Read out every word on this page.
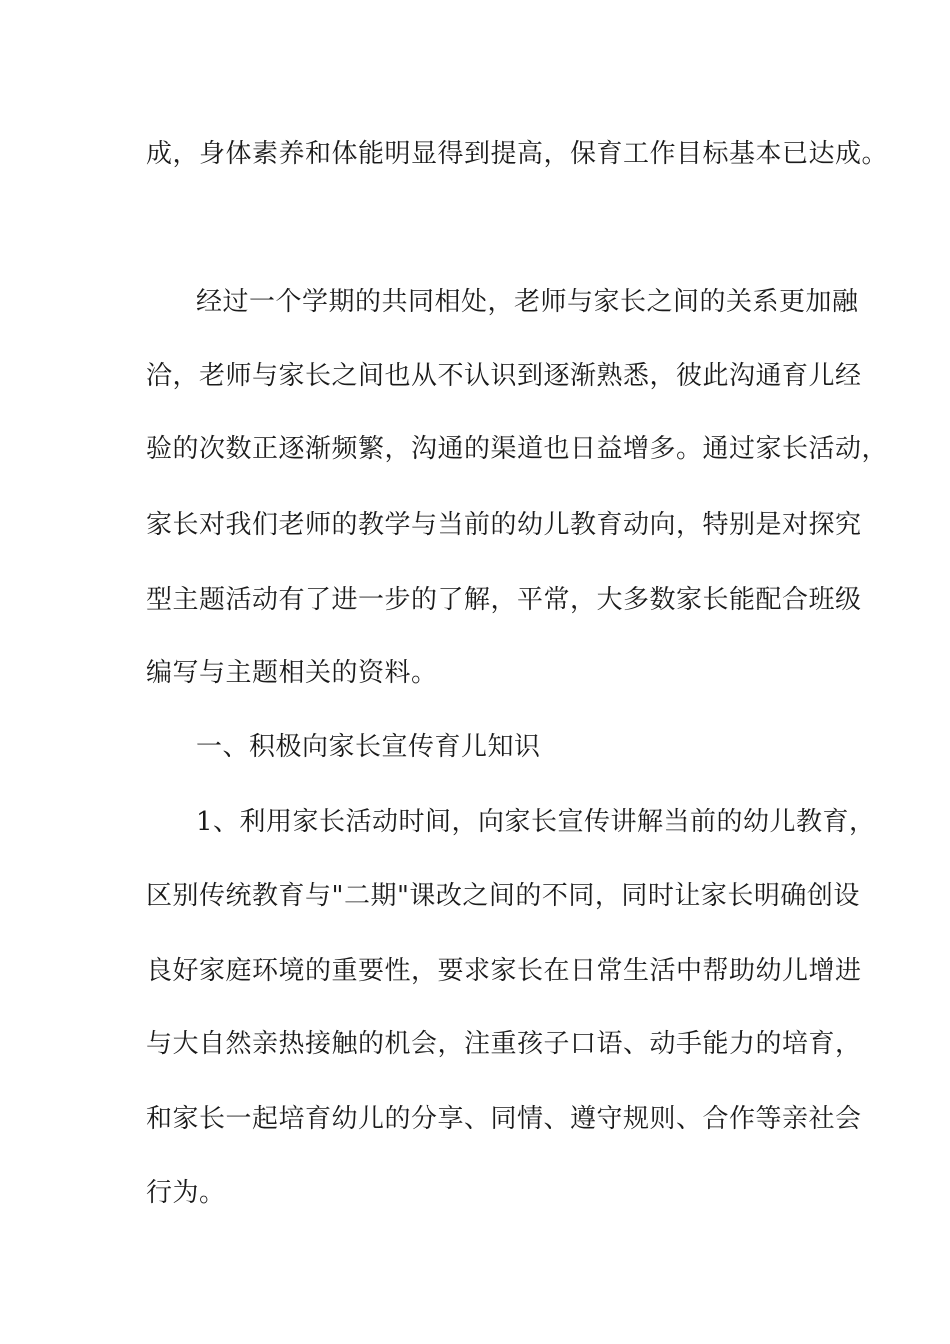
成，身体素养和体能明显得到提高，保育工作目标基本已达成。
经过一个学期的共同相处，老师与家长之间的关系更加融
洽，老师与家长之间也从不认识到逐渐熟悉，彼此沟通育儿经
验的次数正逐渐频繁，沟通的渠道也日益增多。通过家长活动，
家长对我们老师的教学与当前的幼儿教育动向，特别是对探究
型主题活动有了进一步的了解，平常，大多数家长能配合班级
编写与主题相关的资料。
一、积极向家长宣传育儿知识
1、利用家长活动时间，向家长宣传讲解当前的幼儿教育，
区别传统教育与"二期"课改之间的不同，同时让家长明确创设
良好家庭环境的重要性，要求家长在日常生活中帮助幼儿增进
与大自然亲热接触的机会，注重孩子口语、动手能力的培育，
和家长一起培育幼儿的分享、同情、遵守规则、合作等亲社会
行为。
